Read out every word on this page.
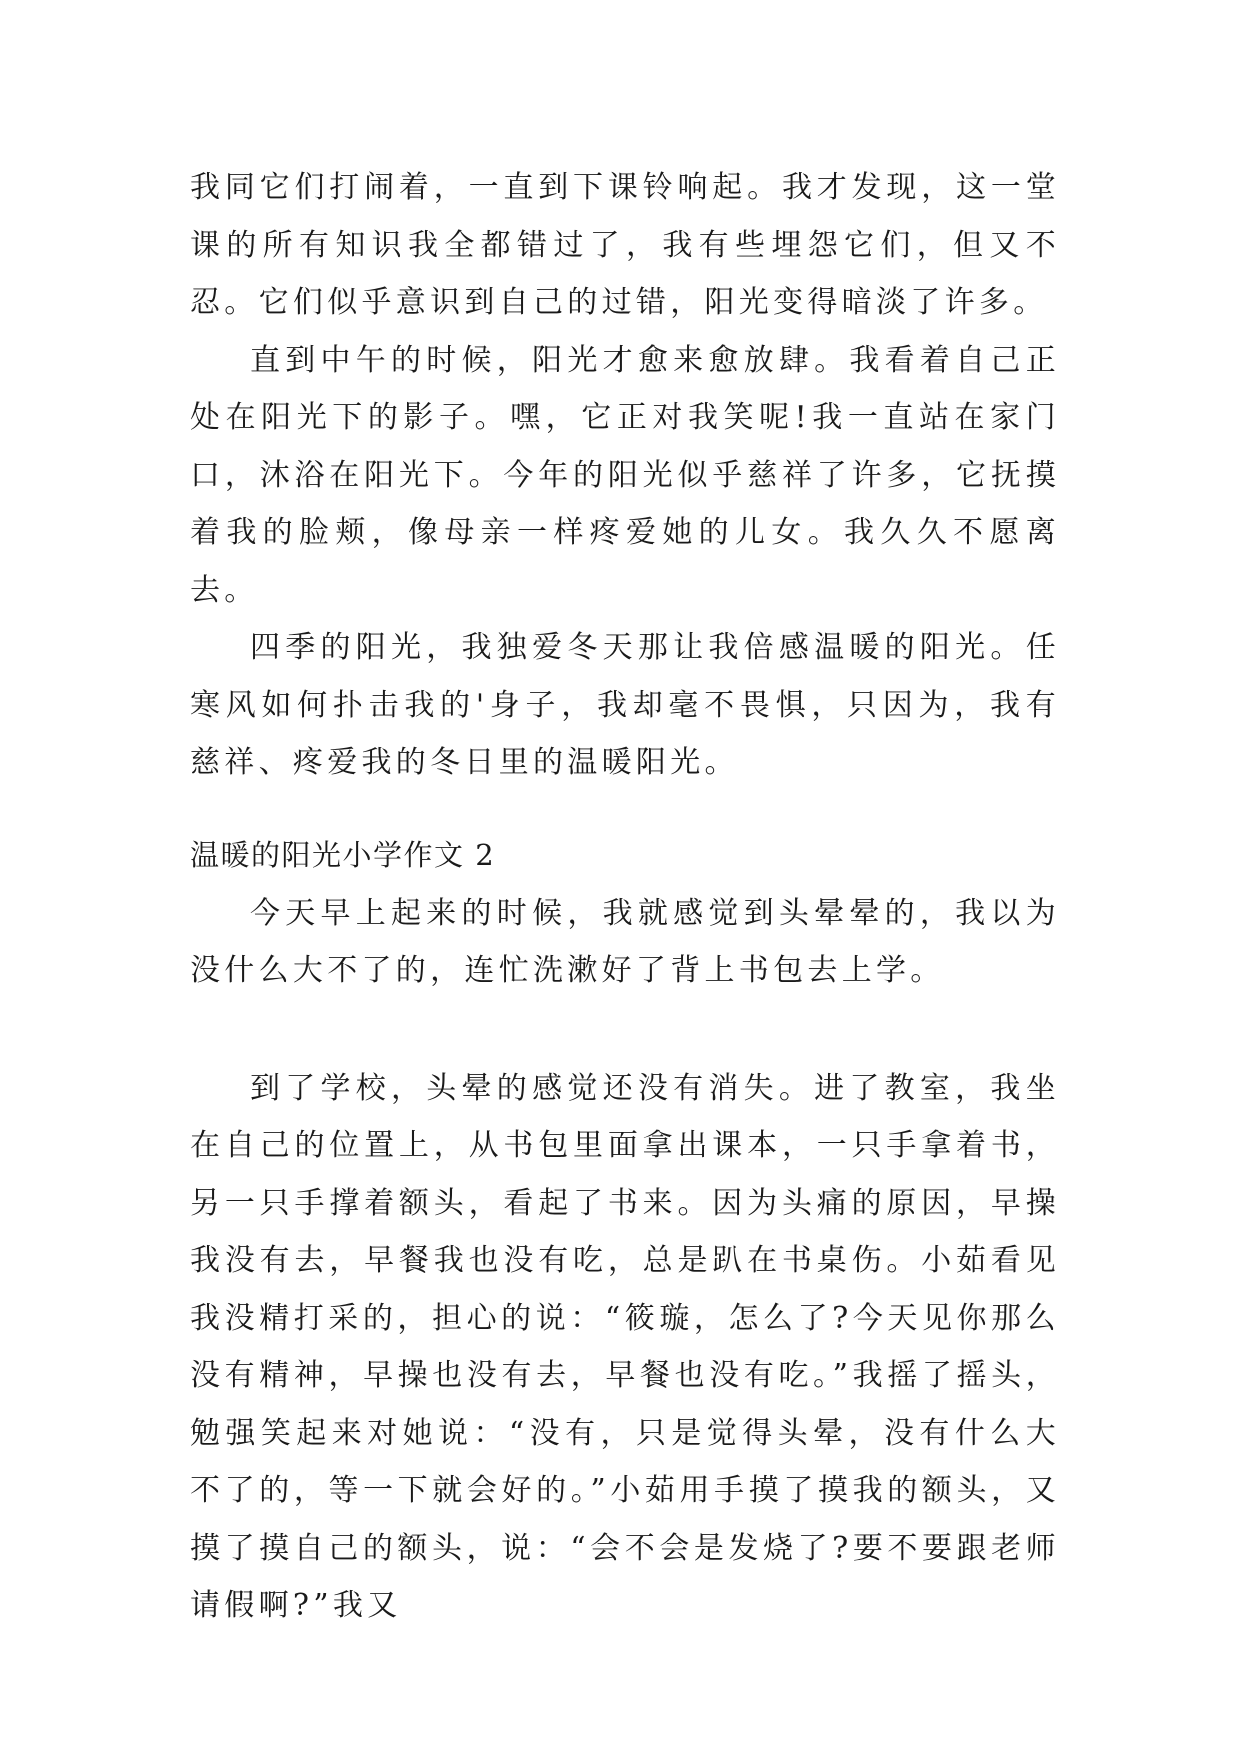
我同它们打闹着，一直到下课铃响起。我才发现，这一堂课的所有知识我全都错过了，我有些埋怨它们，但又不忍。它们似乎意识到自己的过错，阳光变得暗淡了许多。

直到中午的时候，阳光才愈来愈放肆。我看着自己正处在阳光下的影子。嘿，它正对我笑呢!我一直站在家门口，沐浴在阳光下。今年的阳光似乎慈祥了许多，它抚摸着我的脸颊，像母亲一样疼爱她的儿女。我久久不愿离去。

四季的阳光，我独爱冬天那让我倍感温暖的阳光。任寒风如何扑击我的'身子，我却毫不畏惧，只因为，我有慈祥、疼爱我的冬日里的温暖阳光。

温暖的阳光小学作文 2

今天早上起来的时候，我就感觉到头晕晕的，我以为没什么大不了的，连忙洗漱好了背上书包去上学。

到了学校，头晕的感觉还没有消失。进了教室，我坐在自己的位置上，从书包里面拿出课本，一只手拿着书，另一只手撑着额头，看起了书来。因为头痛的原因，早操我没有去，早餐我也没有吃，总是趴在书桌伤。小茹看见我没精打采的，担心的说：“筱璇，怎么了?今天见你那么没有精神，早操也没有去，早餐也没有吃。”我摇了摇头，勉强笑起来对她说：“没有，只是觉得头晕，没有什么大不了的，等一下就会好的。”小茹用手摸了摸我的额头，又摸了摸自己的额头，说：“会不会是发烧了?要不要跟老师请假啊?”我又
